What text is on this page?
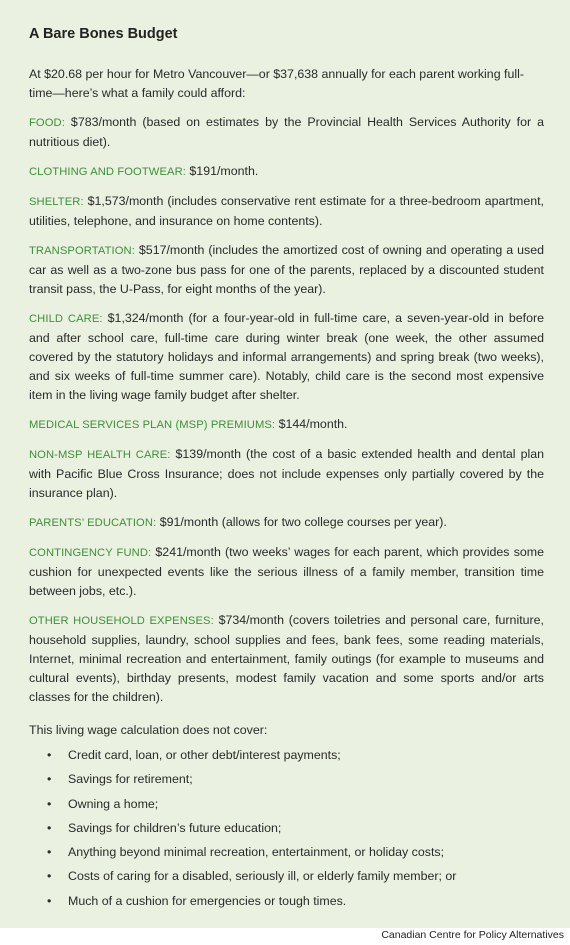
A Bare Bones Budget

At $20.68 per hour for Metro Vancouver—or $37,638 annually for each parent working full-time—here’s what a family could afford:

FOOD: $783/month (based on estimates by the Provincial Health Services Authority for a nutritious diet).

CLOTHING AND FOOTWEAR: $191/month.

SHELTER: $1,573/month (includes conservative rent estimate for a three-bedroom apartment, utilities, telephone, and insurance on home contents).

TRANSPORTATION: $517/month (includes the amortized cost of owning and operating a used car as well as a two-zone bus pass for one of the parents, replaced by a discounted student transit pass, the U-Pass, for eight months of the year).

CHILD CARE: $1,324/month (for a four-year-old in full-time care, a seven-year-old in before and after school care, full-time care during winter break (one week, the other assumed covered by the statutory holidays and informal arrangements) and spring break (two weeks), and six weeks of full-time summer care). Notably, child care is the second most expensive item in the living wage family budget after shelter.

MEDICAL SERVICES PLAN (MSP) PREMIUMS: $144/month.

NON-MSP HEALTH CARE: $139/month (the cost of a basic extended health and dental plan with Pacific Blue Cross Insurance; does not include expenses only partially covered by the insurance plan).

PARENTS’ EDUCATION: $91/month (allows for two college courses per year).

CONTINGENCY FUND: $241/month (two weeks’ wages for each parent, which provides some cushion for unexpected events like the serious illness of a family member, transition time between jobs, etc.).

OTHER HOUSEHOLD EXPENSES: $734/month (covers toiletries and personal care, furniture, household supplies, laundry, school supplies and fees, bank fees, some reading materials, Internet, minimal recreation and entertainment, family outings (for example to museums and cultural events), birthday presents, modest family vacation and some sports and/or arts classes for the children).

This living wage calculation does not cover:

• Credit card, loan, or other debt/interest payments;
• Savings for retirement;
• Owning a home;
• Savings for children’s future education;
• Anything beyond minimal recreation, entertainment, or holiday costs;
• Costs of caring for a disabled, seriously ill, or elderly family member; or
• Much of a cushion for emergencies or tough times.
Canadian Centre for Policy Alternatives
